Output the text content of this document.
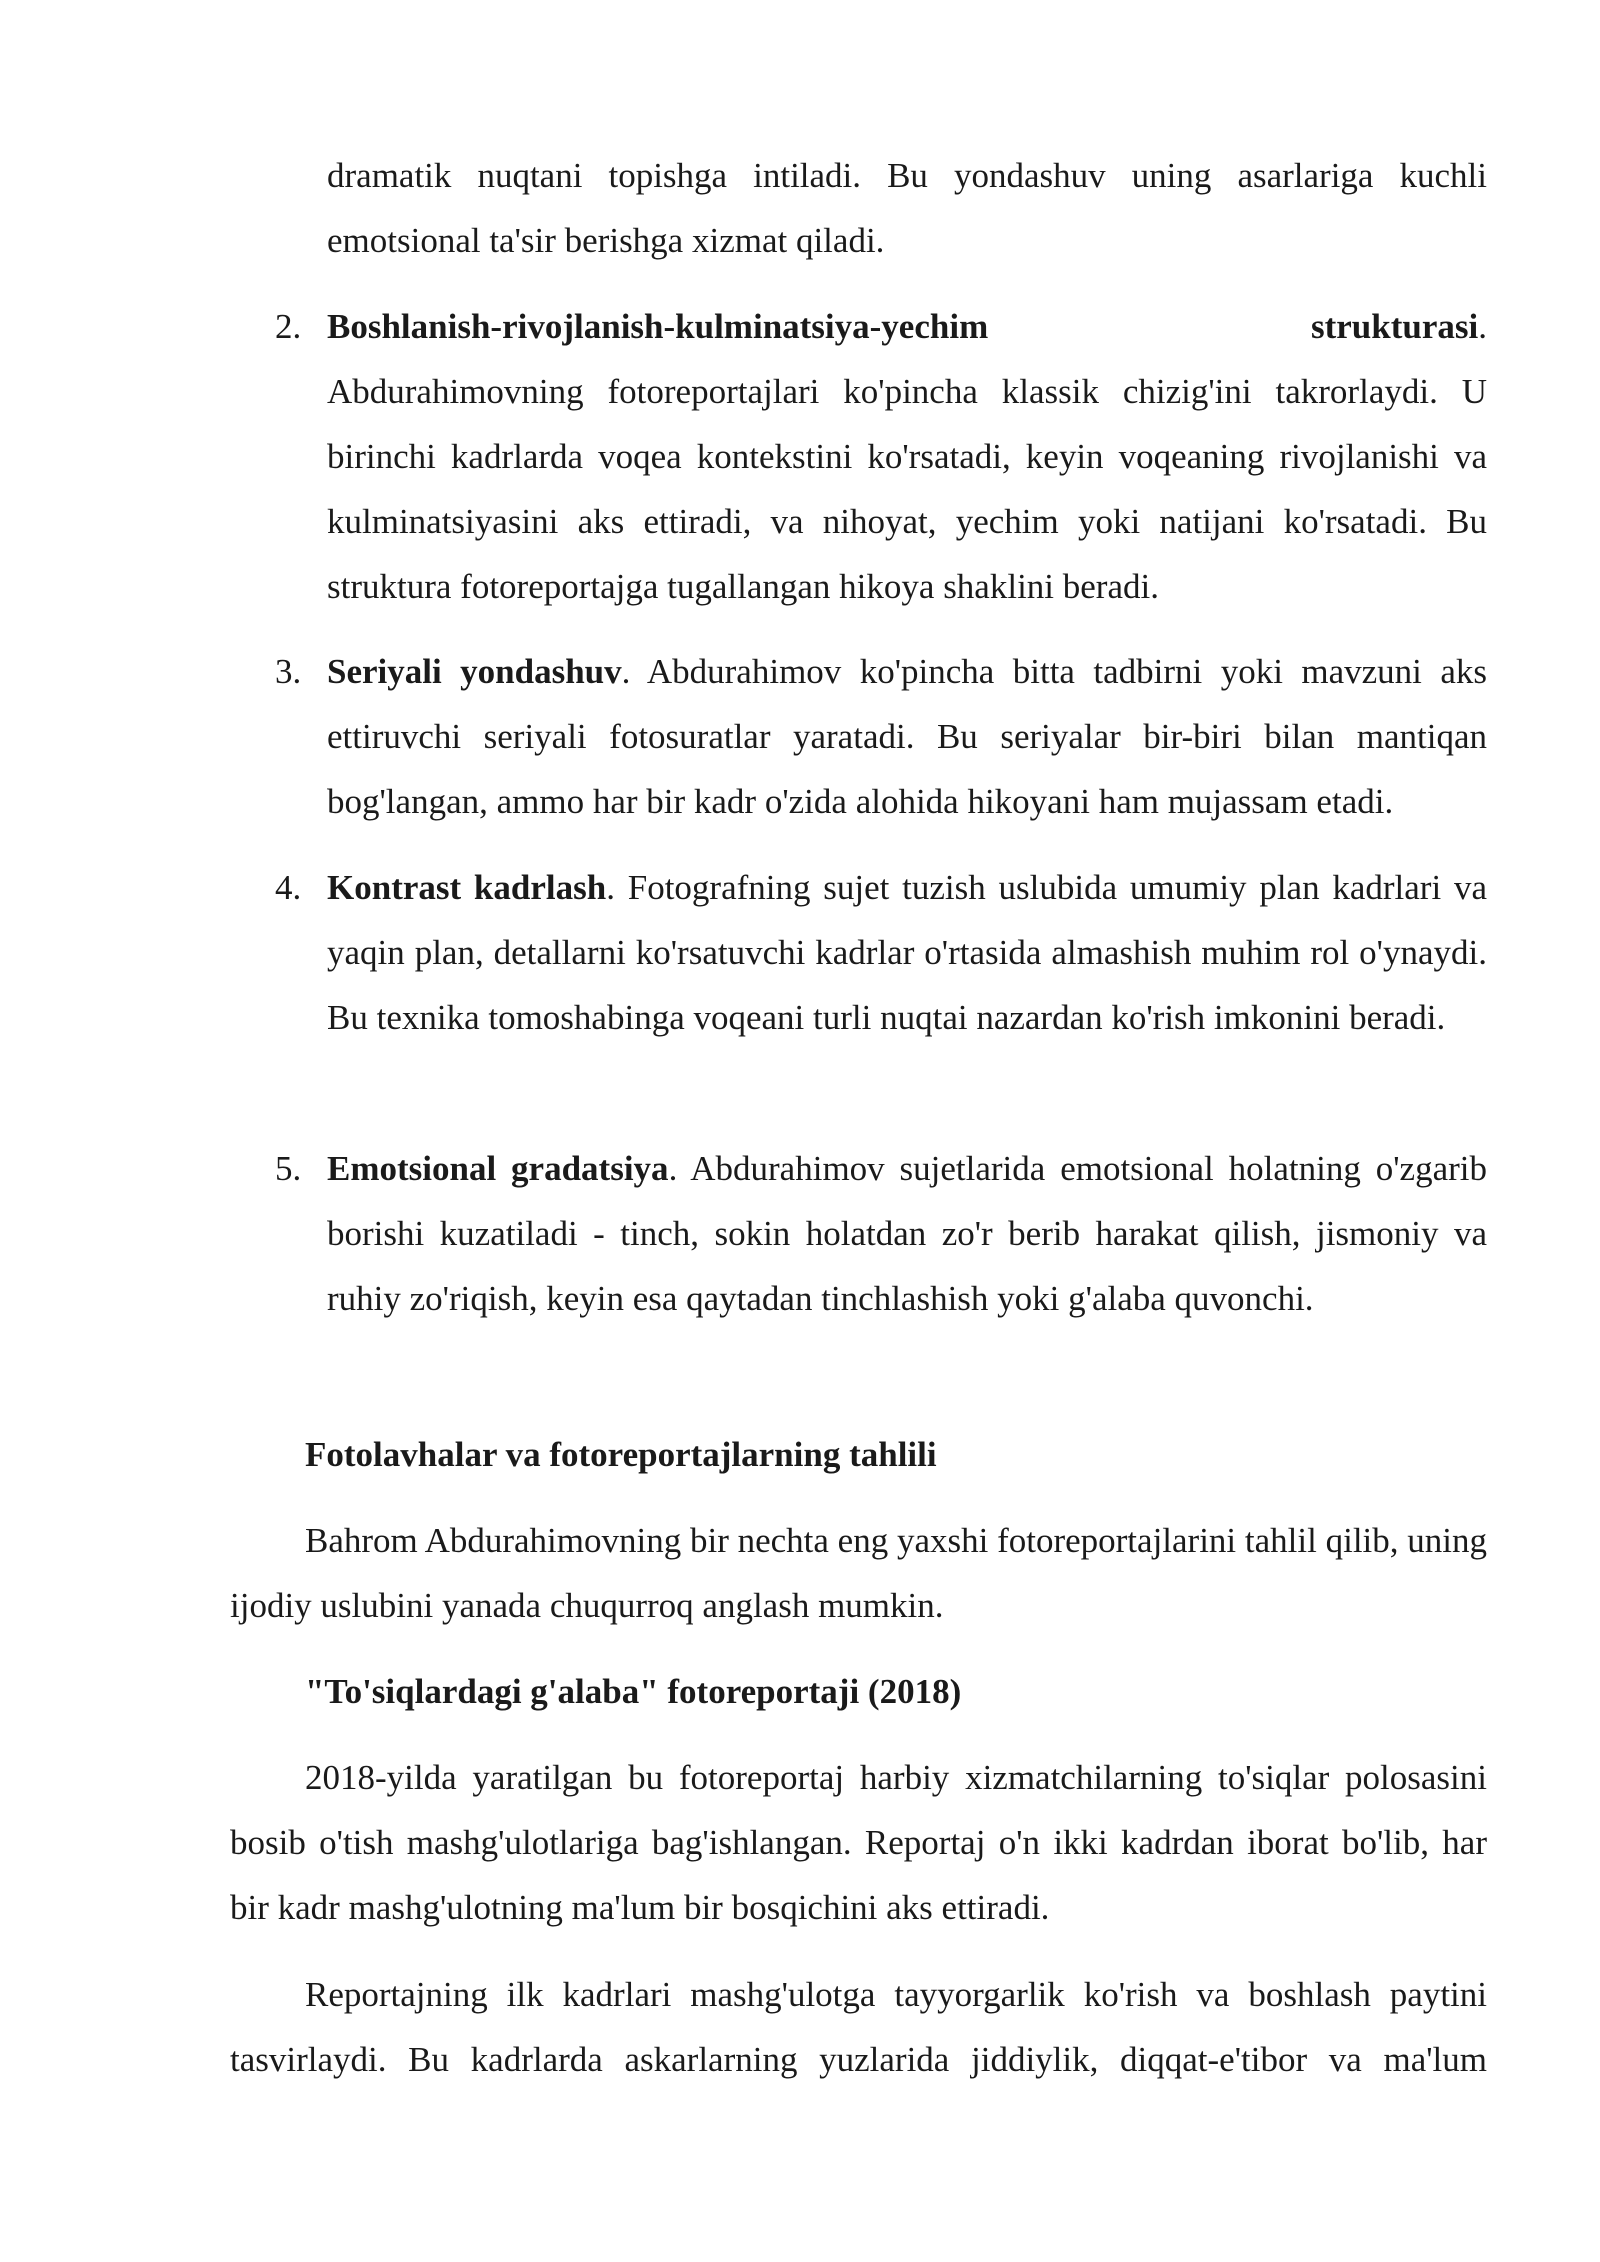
dramatik nuqtani topishga intiladi. Bu yondashuv uning asarlariga kuchli
emotsional ta'sir berishga xizmat qiladi.
2. Boshlanish-rivojlanish-kulminatsiya-yechim	strukturasi.
Abdurahimovning fotoreportajlari ko'pincha klassik chizig'ini takrorlaydi. U birinchi kadrlarda voqea kontekstini ko'rsatadi, keyin voqeaning rivojlanishi va kulminatsiyasini aks ettiradi, va nihoyat, yechim yoki natijani ko'rsatadi. Bu struktura fotoreportajga tugallangan hikoya shaklini beradi.
3. Seriyali yondashuv. Abdurahimov ko'pincha bitta tadbirni yoki mavzuni aks ettiruvchi seriyali fotosuratlar yaratadi. Bu seriyalar bir-biri bilan mantiqan bog'langan, ammo har bir kadr o'zida alohida hikoyani ham mujassam etadi.
4. Kontrast kadrlash. Fotografning sujet tuzish uslubida umumiy plan kadrlari va yaqin plan, detallarni ko'rsatuvchi kadrlar o'rtasida almashish muhim rol o'ynaydi. Bu texnika tomoshabinga voqeani turli nuqtai nazardan ko'rish imkonini beradi.
5. Emotsional gradatsiya. Abdurahimov sujetlarida emotsional holatning o'zgarib borishi kuzatiladi - tinch, sokin holatdan zo'r berib harakat qilish, jismoniy va ruhiy zo'riqish, keyin esa qaytadan tinchlashish yoki g'alaba quvonchi.
Fotolavhalar va fotoreportajlarning tahlili
Bahrom Abdurahimovning bir nechta eng yaxshi fotoreportajlarini tahlil qilib, uning ijodiy uslubini yanada chuqurroq anglash mumkin.
"To'siqlardagi g'alaba" fotoreportaji (2018)
2018-yilda yaratilgan bu fotoreportaj harbiy xizmatchilarning to'siqlar polosasini bosib o'tish mashg'ulotlariga bag'ishlangan. Reportaj o'n ikki kadrdan iborat bo'lib, har bir kadr mashg'ulotning ma'lum bir bosqichini aks ettiradi.
Reportajning ilk kadrlari mashg'ulotga tayyorgarlik ko'rish va boshlash paytini tasvirlaydi. Bu kadrlarda askarlarning yuzlarida jiddiylik, diqqat-e'tibor va ma'lum
